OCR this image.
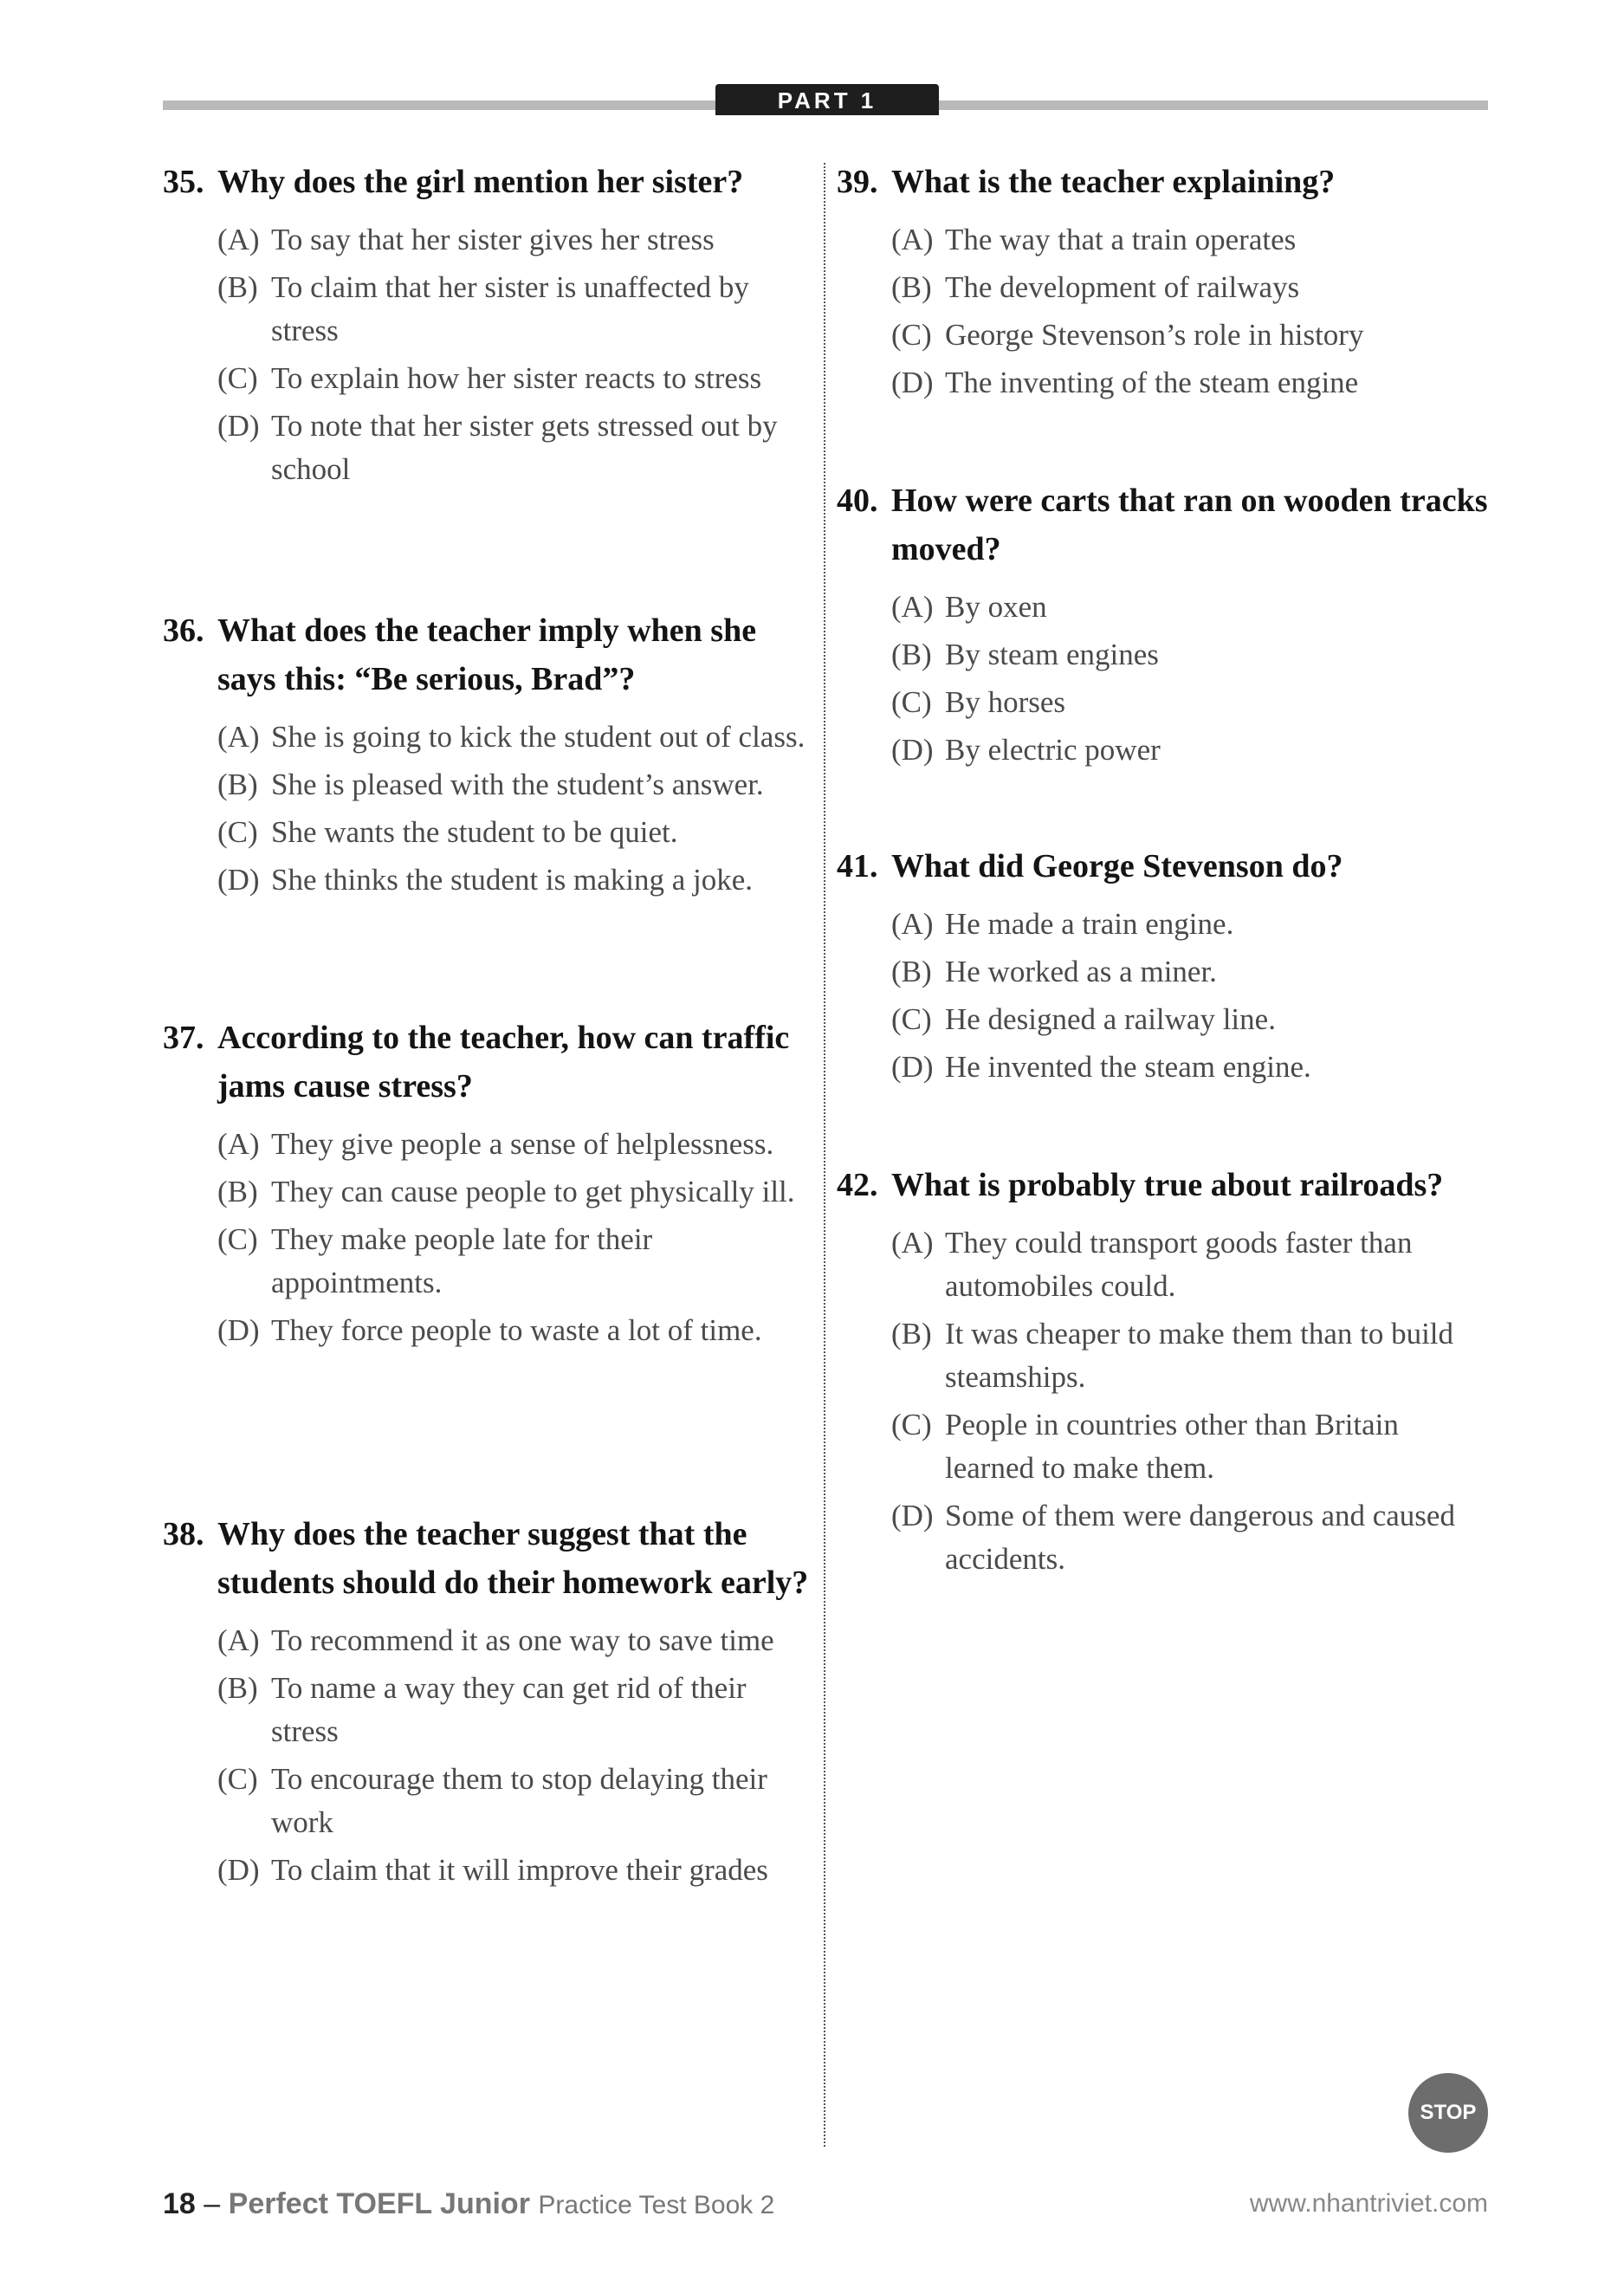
PART 1
35. Why does the girl mention her sister?
(A) To say that her sister gives her stress
(B) To claim that her sister is unaffected by stress
(C) To explain how her sister reacts to stress
(D) To note that her sister gets stressed out by school
36. What does the teacher imply when she says this: “Be serious, Brad”?
(A) She is going to kick the student out of class.
(B) She is pleased with the student’s answer.
(C) She wants the student to be quiet.
(D) She thinks the student is making a joke.
37. According to the teacher, how can traffic jams cause stress?
(A) They give people a sense of helplessness.
(B) They can cause people to get physically ill.
(C) They make people late for their appointments.
(D) They force people to waste a lot of time.
38. Why does the teacher suggest that the students should do their homework early?
(A) To recommend it as one way to save time
(B) To name a way they can get rid of their stress
(C) To encourage them to stop delaying their work
(D) To claim that it will improve their grades
39. What is the teacher explaining?
(A) The way that a train operates
(B) The development of railways
(C) George Stevenson’s role in history
(D) The inventing of the steam engine
40. How were carts that ran on wooden tracks moved?
(A) By oxen
(B) By steam engines
(C) By horses
(D) By electric power
41. What did George Stevenson do?
(A) He made a train engine.
(B) He worked as a miner.
(C) He designed a railway line.
(D) He invented the steam engine.
42. What is probably true about railroads?
(A) They could transport goods faster than automobiles could.
(B) It was cheaper to make them than to build steamships.
(C) People in countries other than Britain learned to make them.
(D) Some of them were dangerous and caused accidents.
STOP
18 – Perfect TOEFL Junior Practice Test Book 2	www.nhantriviet.com
